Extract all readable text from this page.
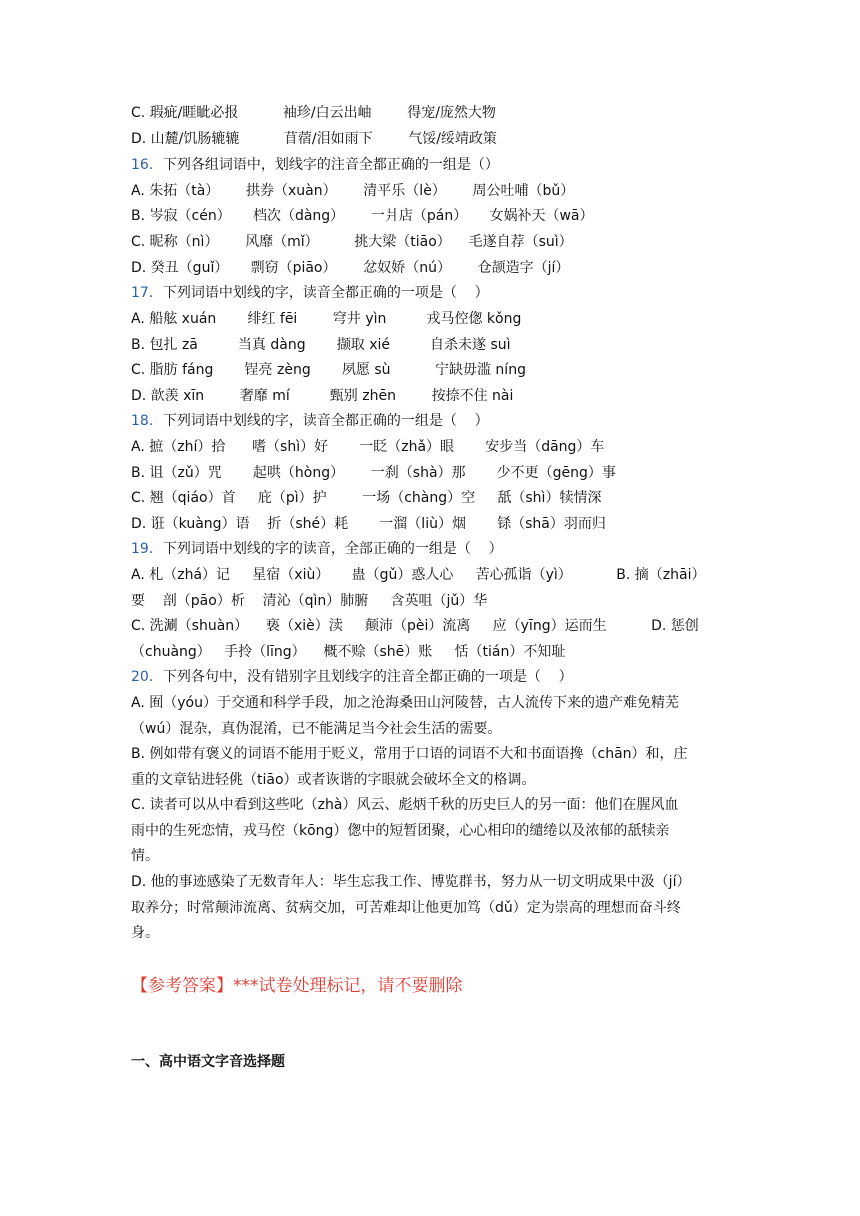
C. 瑕疵/睚眦必报          袖珍/白云出岫        得宠/庞然大物
D. 山麓/饥肠辘辘          苜蓿/泪如雨下        气馁/绥靖政策
16．下列各组词语中，划线字的注音全都正确的一组是（）
A. 朱拓（tà）      拱券（xuàn）      清平乐（lè）      周公吐哺（bǔ）
B. 岑寂（cén）     档次（dàng）      一爿店（pán）     女娲补天（wā）
C. 昵称（nì）      风靡（mǐ）        挑大梁（tiāo）    毛遂自荐（suì）
D. 癸丑（guǐ）     剽窃（piāo）      忿奴娇（nú）      仓颉造字（jí）
17．下列词语中划线的字，读音全都正确的一项是（    ）
A. 船舷 xuán       绯红 fēi        穹井 yìn         戎马倥偬 kǒng
B. 包扎 zā         当真 dàng       撷取 xié         自杀未遂 suì
C. 脂肪 fáng       锃亮 zèng       夙愿 sù          宁缺毋滥 níng
D. 歆羡 xīn        奢靡 mí         甄别 zhēn        按捺不住 nài
18．下列词语中划线的字，读音全都正确的一组是（    ）
A. 摭（zhí）拾      嗜（shì）好       一眨（zhǎ）眼       安步当（dāng）车
B. 诅（zǔ）咒       起哄（hòng）      一刹（shà）那       少不更（gēng）事
C. 翘（qiáo）首     庇（pì）护        一场（chàng）空     舐（shì）犊情深
D. 诳（kuàng）语    折（shé）耗       一溜（liù）烟       铩（shā）羽而归
19．下列词语中划线的字的读音，全部正确的一组是（    ）
A. 札（zhá）记     星宿（xiù）     蛊（gǔ）惑人心     苦心孤诣（yì）          B. 摘（zhāi）
要    剖（pāo）析    清沁（qìn）肺腑     含英咀（jǔ）华
C. 洗涮（shuàn）    亵（xiè）渎     颠沛（pèi）流离     应（yīng）运而生          D. 惩创
（chuàng）   手拎（līng）    概不赊（shē）账     恬（tián）不知耻
20．下列各句中，没有错别字且划线字的注音全都正确的一项是（    ）
A. 囿（yóu）于交通和科学手段，加之沧海桑田山河陵替，古人流传下来的遗产难免精芜
（wú）混杂，真伪混淆，已不能满足当今社会生活的需要。
B. 例如带有褒义的词语不能用于贬义，常用于口语的词语不大和书面语搀（chān）和，庄
重的文章钻进轻佻（tiāo）或者诙谐的字眼就会破坏全文的格调。
C. 读者可以从中看到这些叱（zhà）风云、彪炳千秋的历史巨人的另一面：他们在腥风血
雨中的生死恋情，戎马倥（kōng）偬中的短暂团聚，心心相印的缱绻以及浓郁的舐犊亲
情。
D. 他的事迹感染了无数青年人：毕生忘我工作、博览群书，努力从一切文明成果中汲（jí）
取养分；时常颠沛流离、贫病交加，可苦难却让他更加笃（dǔ）定为崇高的理想而奋斗终
身。
【参考答案】***试卷处理标记，请不要删除
一、高中语文字音选择题
